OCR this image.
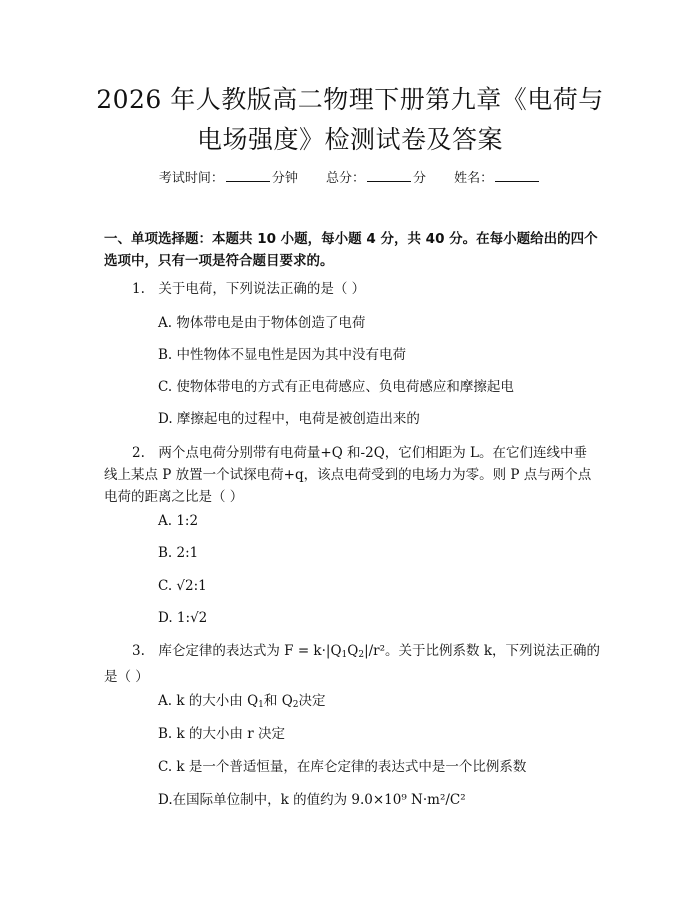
2026 年人教版高二物理下册第九章《电荷与
电场强度》检测试卷及答案
考试时间：	分钟 总分：	分 姓名：
一、单项选择题：本题共 10 小题，每小题 4 分，共 40 分。在每小题给出的四个选项中，只有一项是符合题目要求的。
1.　关于电荷，下列说法正确的是（ ）
A. 物体带电是由于物体创造了电荷
B. 中性物体不显电性是因为其中没有电荷
C. 使物体带电的方式有正电荷感应、负电荷感应和摩擦起电
D. 摩擦起电的过程中，电荷是被创造出来的
2.　两个点电荷分别带有电荷量+Q 和-2Q，它们相距为 L。在它们连线中垂线上某点 P 放置一个试探电荷+q，该点电荷受到的电场力为零。则 P 点与两个点电荷的距离之比是（ ）
A. 1:2
B. 2:1
C. √2:1
D. 1:√2
3.　库仑定律的表达式为 $F = k\cdot|Q_1Q_2|/r^2$。关于比例系数 k，下列说法正确的是（ ）
A. k 的大小由 $Q_1$和 $Q_2$决定
B. k 的大小由 r 决定
C. k 是一个普适恒量，在库仑定律的表达式中是一个比例系数
D.在国际单位制中，k 的值约为 9.0×10⁹ N·m²/C²
